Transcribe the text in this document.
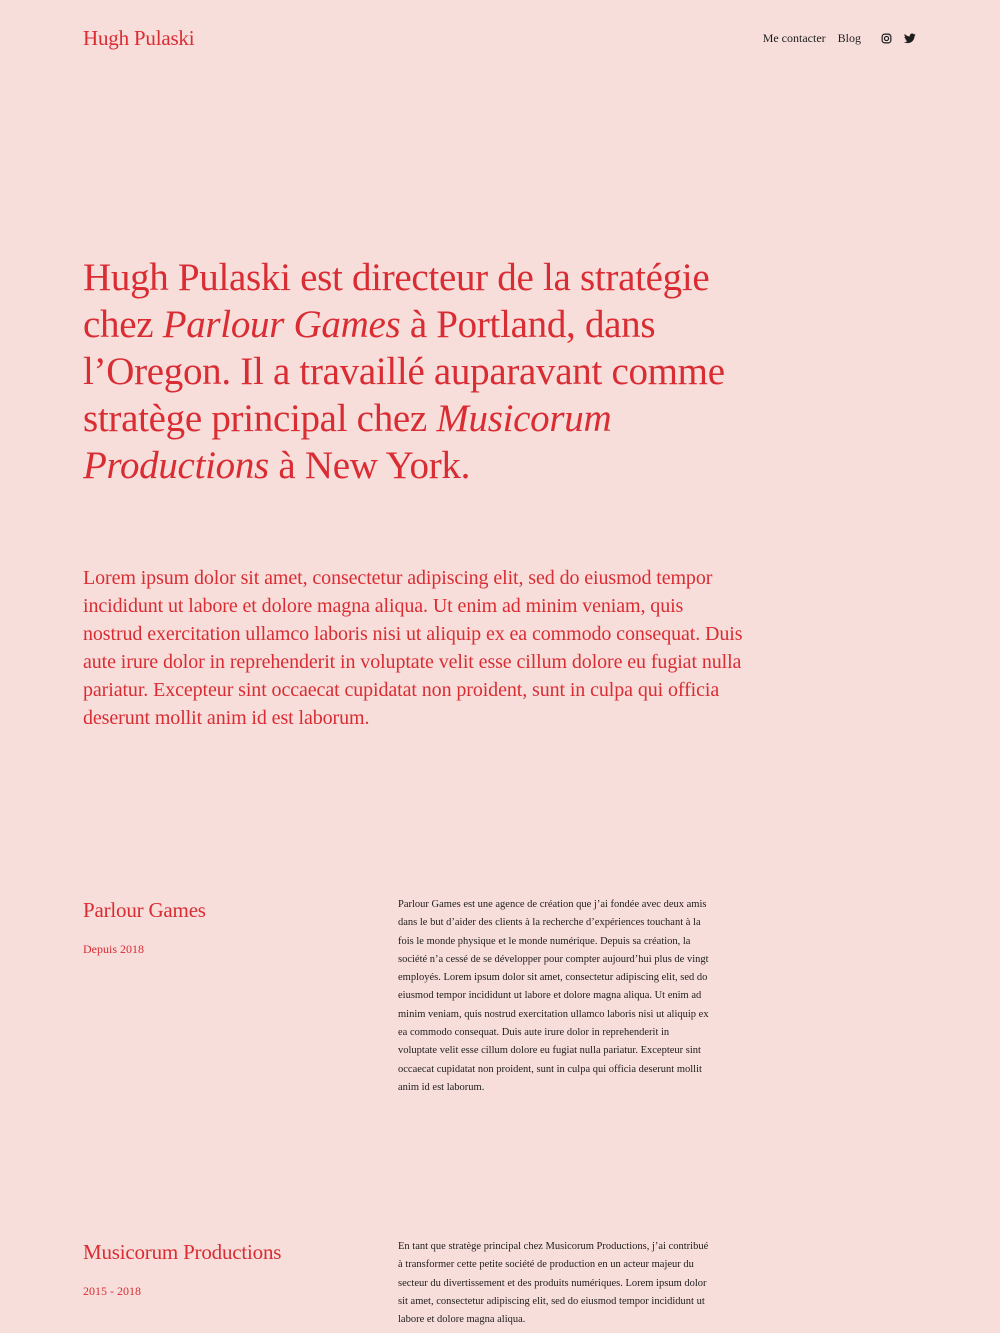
Hugh Pulaski	Me contacter Blog
Hugh Pulaski est directeur de la stratégie chez Parlour Games à Portland, dans l’Oregon. Il a travaillé auparavant comme stratège principal chez Musicorum Productions à New York.

Lorem ipsum dolor sit amet, consectetur adipiscing elit, sed do eiusmod tempor incididunt ut labore et dolore magna aliqua. Ut enim ad minim veniam, quis nostrud exercitation ullamco laboris nisi ut aliquip ex ea commodo consequat. Duis aute irure dolor in reprehenderit in voluptate velit esse cillum dolore eu fugiat nulla pariatur. Excepteur sint occaecat cupidatat non proident, sunt in culpa qui officia deserunt mollit anim id est laborum.

Parlour Games

Depuis 2018

Parlour Games est une agence de création que j’ai fondée avec deux amis dans le but d’aider des clients à la recherche d’expériences touchant à la fois le monde physique et le monde numérique. Depuis sa création, la société n’a cessé de se développer pour compter aujourd’hui plus de vingt employés. Lorem ipsum dolor sit amet, consectetur adipiscing elit, sed do eiusmod tempor incididunt ut labore et dolore magna aliqua. Ut enim ad minim veniam, quis nostrud exercitation ullamco laboris nisi ut aliquip ex ea commodo consequat. Duis aute irure dolor in reprehenderit in voluptate velit esse cillum dolore eu fugiat nulla pariatur. Excepteur sint occaecat cupidatat non proident, sunt in culpa qui officia deserunt mollit anim id est laborum.

Musicorum Productions

2015 - 2018

En tant que stratège principal chez Musicorum Productions, j’ai contribué à transformer cette petite société de production en un acteur majeur du secteur du divertissement et des produits numériques. Lorem ipsum dolor sit amet, consectetur adipiscing elit, sed do eiusmod tempor incididunt ut labore et dolore magna aliqua.
